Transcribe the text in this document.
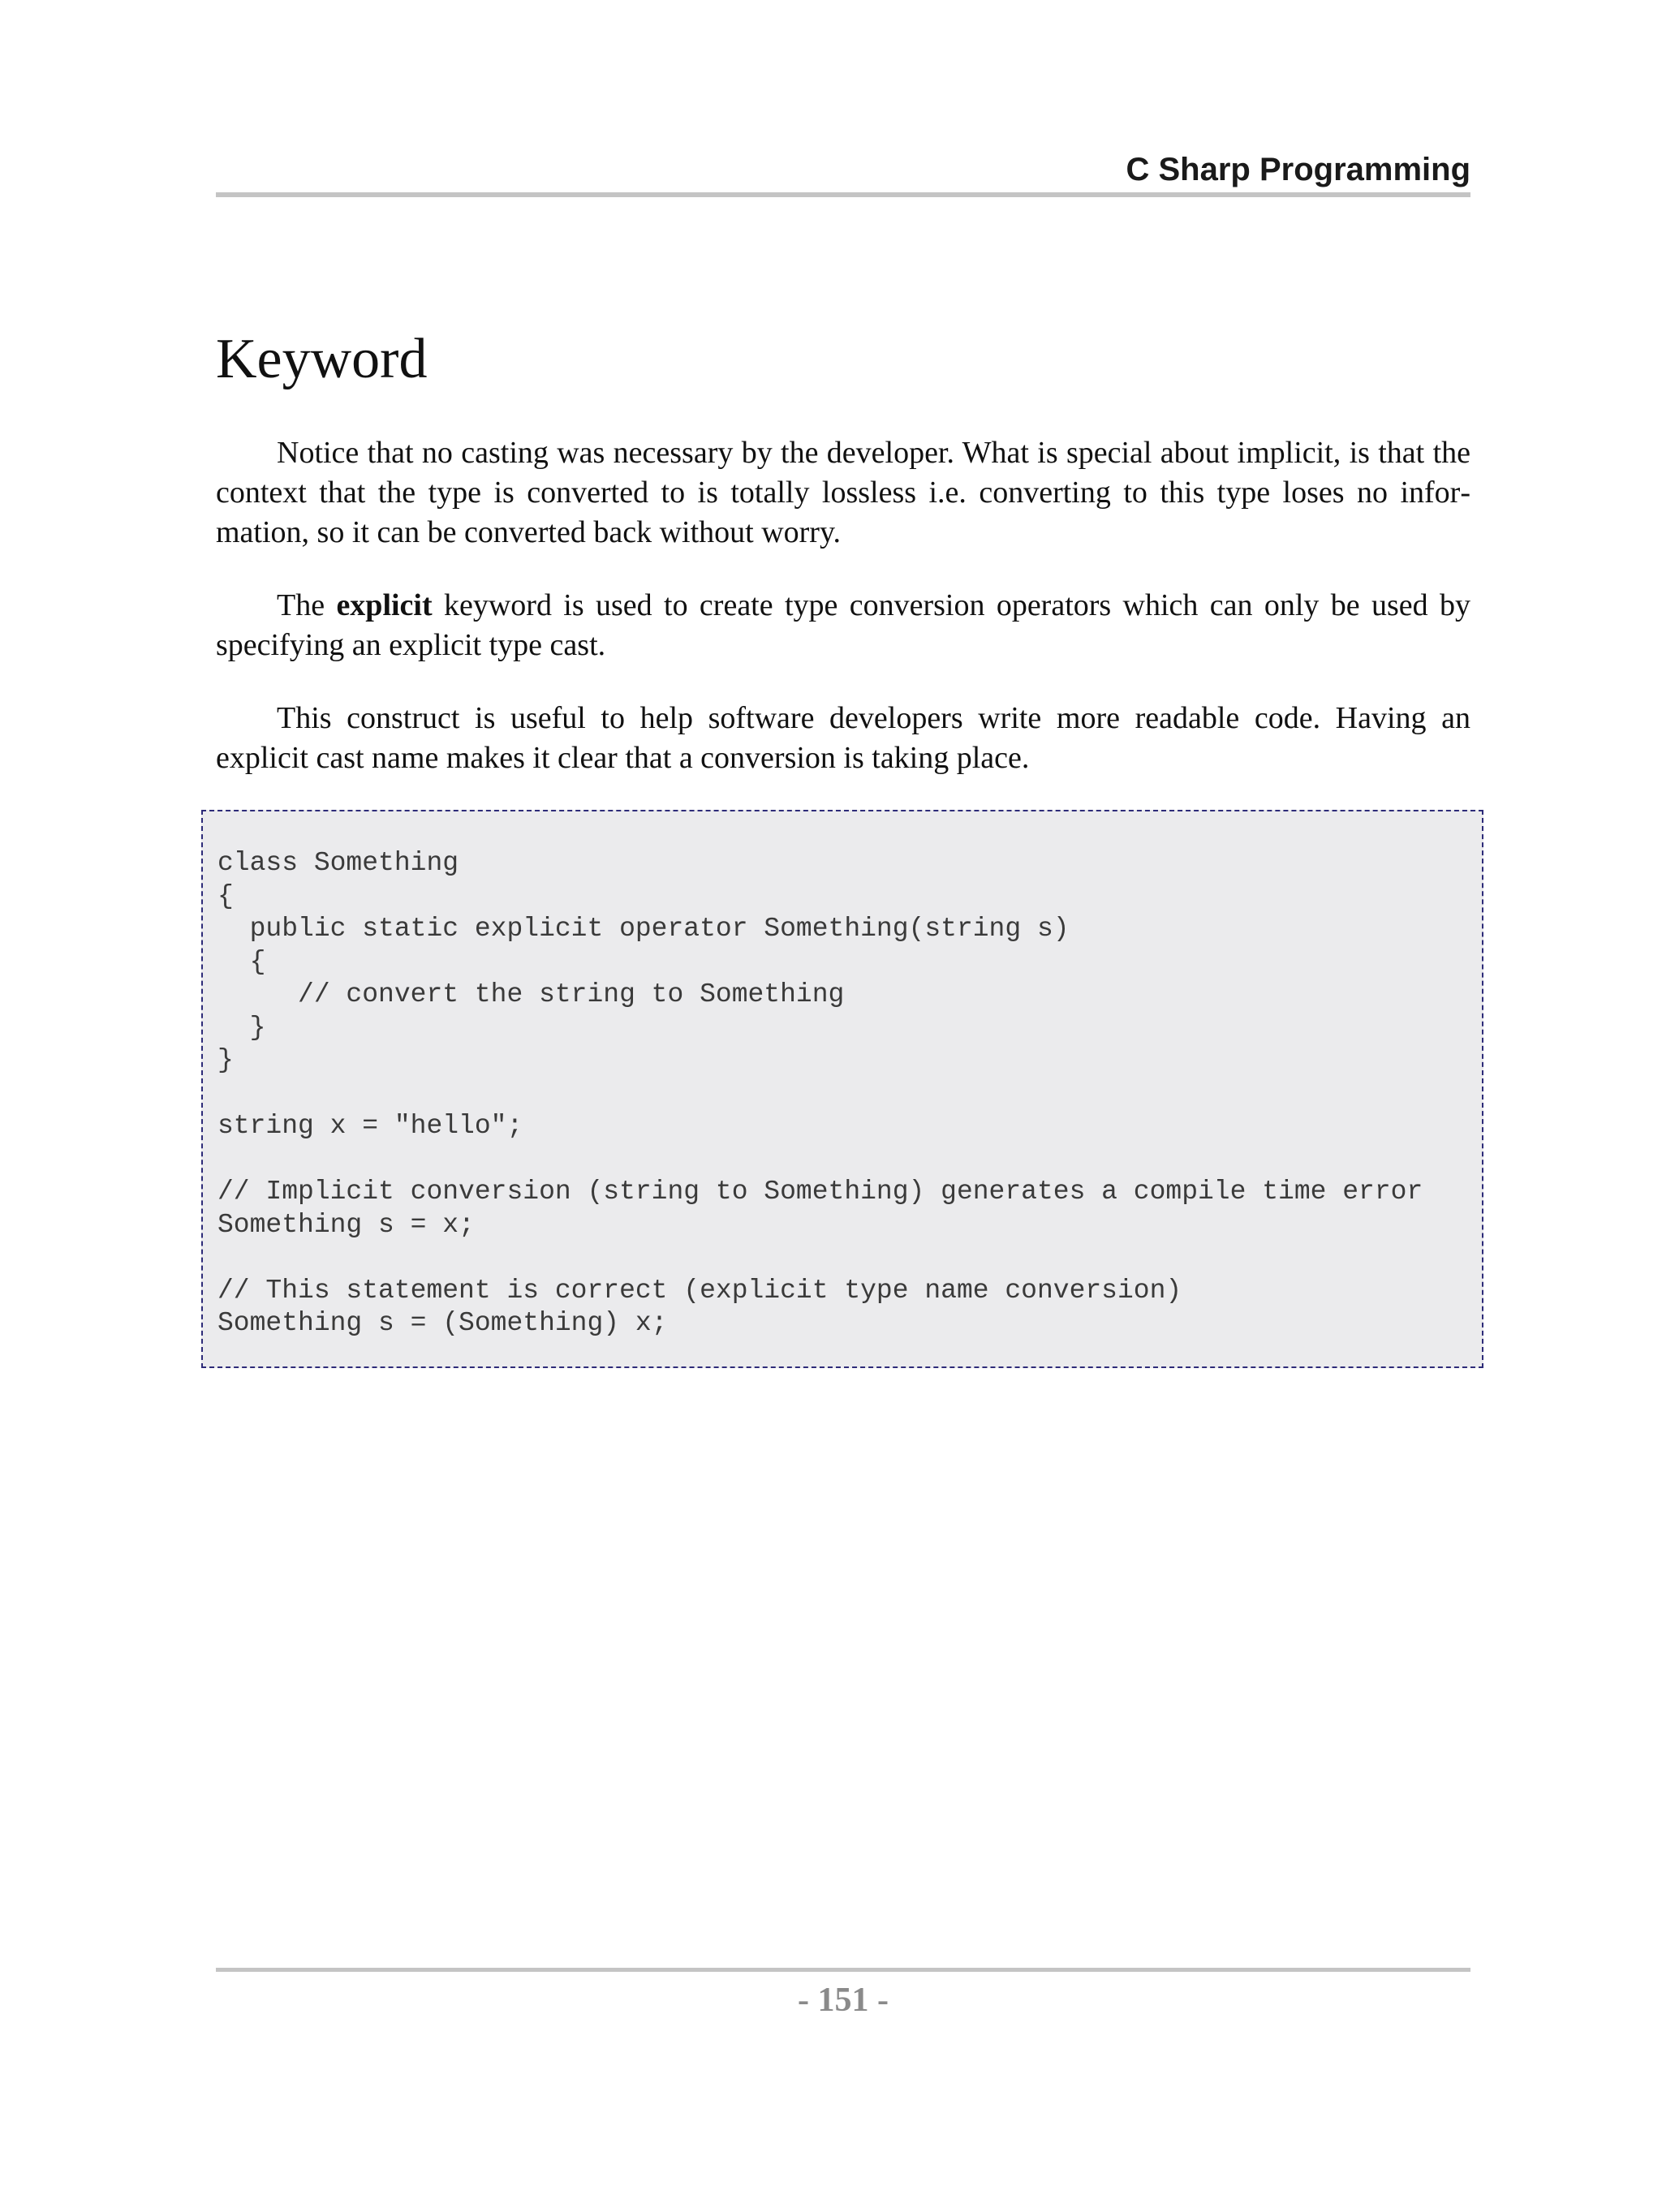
C Sharp Programming
Keyword

Notice that no casting was necessary by the developer. What is special about implicit, is that the context that the type is converted to is totally lossless i.e. converting to this type loses no information, so it can be converted back without worry.

The explicit keyword is used to create type conversion operators which can only be used by specifying an explicit type cast.

This construct is useful to help software developers write more readable code. Having an explicit cast name makes it clear that a conversion is taking place.

class Something
{
public static explicit operator Something(string s)
{
// convert the string to Something
}
}
string x = "hello";
// Implicit conversion (string to Something) generates a compile time error
Something s = x;
// This statement is correct (explicit type name conversion)
Something s = (Something) x;
- 151 -
